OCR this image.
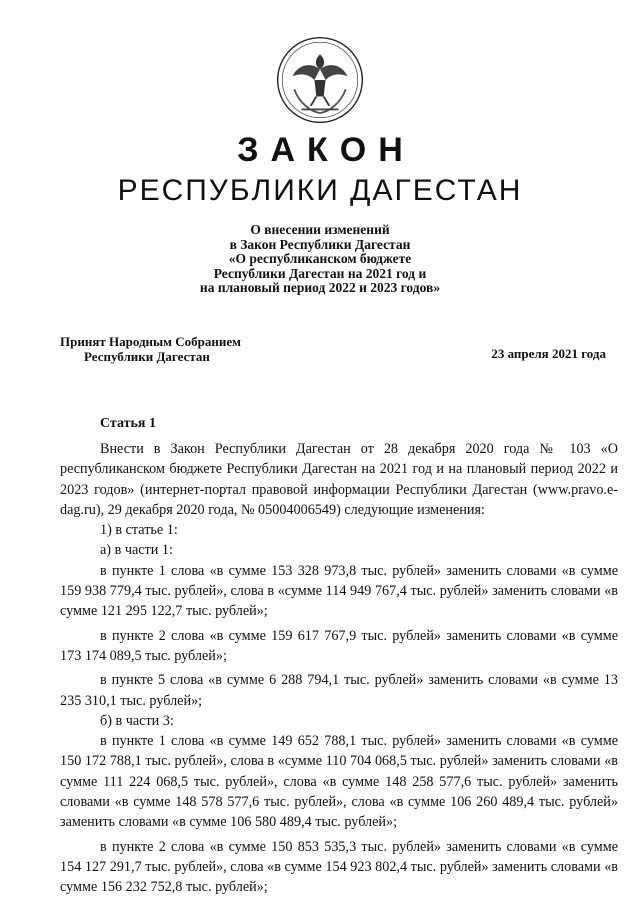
ЗАКОН
РЕСПУБЛИКИ ДАГЕСТАН
О внесении изменений
в Закон Республики Дагестан
«О республиканском бюджете
Республики Дагестан на 2021 год и
на плановый период 2022 и 2023 годов»
Принят Народным Собранием
Республики Дагестан	23 апреля 2021 года
Статья 1

Внести в Закон Республики Дагестан от 28 декабря 2020 года № 103 «О республиканском бюджете Республики Дагестан на 2021 год и на плановый период 2022 и 2023 годов» (интернет-портал правовой информации Республики Дагестан (www.pravo.e-dag.ru), 29 декабря 2020 года, № 05004006549) следующие изменения:

1) в статье 1:

а) в части 1:

в пункте 1 слова «в сумме 153 328 973,8 тыс. рублей» заменить словами «в сумме 159 938 779,4 тыс. рублей», слова в «сумме 114 949 767,4 тыс. рублей» заменить словами «в сумме 121 295 122,7 тыс. рублей»;

в пункте 2 слова «в сумме 159 617 767,9 тыс. рублей» заменить словами «в сумме 173 174 089,5 тыс. рублей»;

в пункте 5 слова «в сумме 6 288 794,1 тыс. рублей» заменить словами «в сумме 13 235 310,1 тыс. рублей»;

б) в части 3:

в пункте 1 слова «в сумме 149 652 788,1 тыс. рублей» заменить словами «в сумме 150 172 788,1 тыс. рублей», слова в «сумме 110 704 068,5 тыс. рублей» заменить словами «в сумме 111 224 068,5 тыс. рублей», слова «в сумме 148 258 577,6 тыс. рублей» заменить словами «в сумме 148 578 577,6 тыс. рублей», слова «в сумме 106 260 489,4 тыс. рублей» заменить словами «в сумме 106 580 489,4 тыс. рублей»;

в пункте 2 слова «в сумме 150 853 535,3 тыс. рублей» заменить словами «в сумме 154 127 291,7 тыс. рублей», слова «в сумме 154 923 802,4 тыс. рублей» заменить словами «в сумме 156 232 752,8 тыс. рублей»;
